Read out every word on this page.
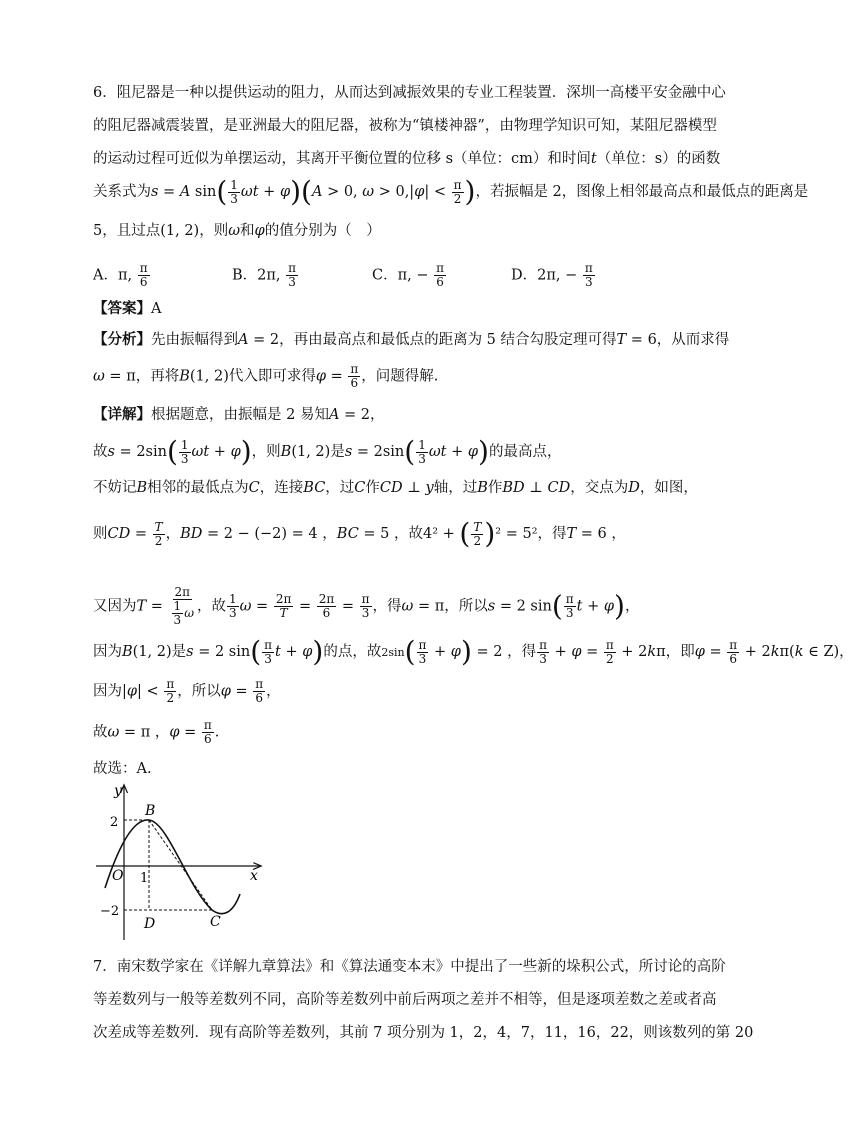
6．阻尼器是一种以提供运动的阻力，从而达到减振效果的专业工程装置．深圳一高楼平安金融中心
的阻尼器减震装置，是亚洲最大的阻尼器，被称为“镇楼神器”，由物理学知识可知，某阻尼器模型
的运动过程可近似为单摆运动，其离开平衡位置的位移 s（单位：cm）和时间t（单位：s）的函数
关系式为s = A $\sin( \frac{1}{3}$ ωt + φ)(A > 0, $\omega > 0,|\varphi| < \frac{\pi}{2}$ )，若振幅是 2，图像上相邻最高点和最低点的距离是
5，且过点(1, 2)，则ω和φ的值分别为（　）
A．π, $\frac{\pi}{6}$	B．2π, $\frac{\pi}{3}$	C．π, − $\frac{\pi}{6}$	D．2π, − $\frac{\pi}{3}$
【答案】A
【分析】先由振幅得到A = 2，再由最高点和最低点的距离为 5 结合勾股定理可得T = 6，从而求得
ω = π，再将B(1, 2)代入即可求得$\varphi = \frac{\pi}{6}$ ，问题得解.
【详解】根据题意，由振幅是 2 易知A = 2，
故$s = 2\sin( \frac{1}{3}$ ωt + φ)，则B(1, 2)是$s = 2\sin( \frac{1}{3}$ ωt + φ)的最高点，
不妨记B相邻的最低点为C，连接BC，过C作CD ⊥ y轴，过B作BD ⊥ CD，交点为D，如图，
则CD = $\frac{T}{2}$ ，BD = 2 − (−2) = 4 ，BC = 5 ，故4² + ( $\frac{T}{2} )^2 = 5^2$，得T = 6 ，
又因为$T = \frac{2\pi}{\frac{1}{3} \omega}$ ，故 $\frac{1}{3}$ $\omega = \frac{2\pi}{T} = \frac{2\pi}{6} = \frac{\pi}{3}$ ，得ω = π，所以s = 2 $\sin( \frac{\pi}{3}$ t + φ)，
因为B(1, 2)是s = 2 $\sin( \frac{\pi}{3}$ t + φ)的点，故$2\sin( \frac{\pi}{3} + \varphi) = 2$ ，得 $\frac{\pi}{3} + \varphi = \frac{\pi}{2} + 2k\pi$，即$\varphi = \frac{\pi}{6} + 2k\pi(k$ ∈ Z)，
因为$|\varphi| < \frac{\pi}{2}$ ，所以$\varphi = \frac{\pi}{6}$ ，
故ω = π ，$\varphi = \frac{\pi}{6}$ .
故选：A.
y
x
O 1
2
−2
B
C
D
7．南宋数学家在《详解九章算法》和《算法通变本末》中提出了一些新的垛积公式，所讨论的高阶
等差数列与一般等差数列不同，高阶等差数列中前后两项之差并不相等，但是逐项差数之差或者高
次差成等差数列．现有高阶等差数列，其前 7 项分别为 1，2，4，7，11，16，22，则该数列的第 20
